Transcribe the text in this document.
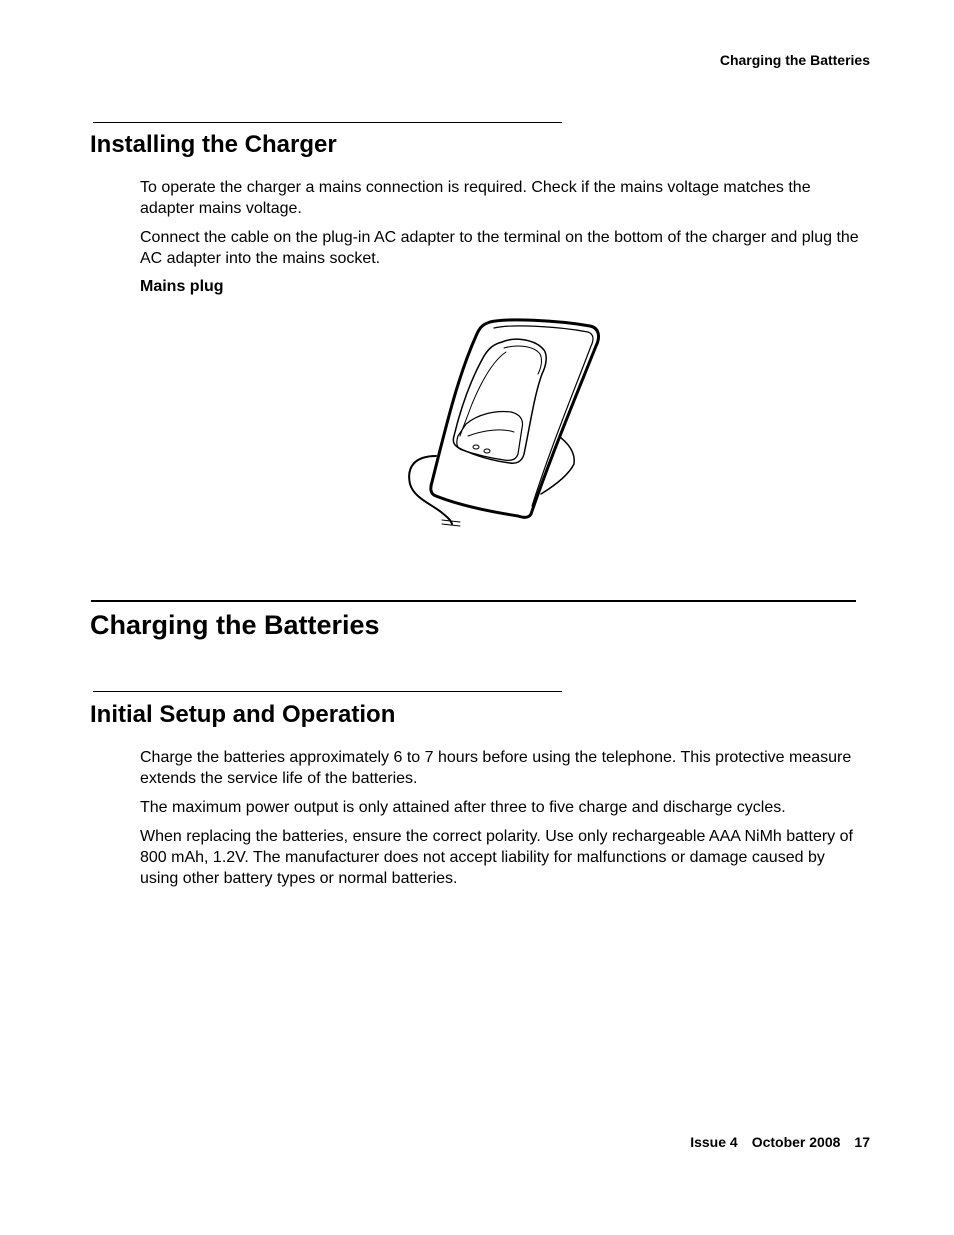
Charging the Batteries
Installing the Charger

To operate the charger a mains connection is required. Check if the mains voltage matches the adapter mains voltage.

Connect the cable on the plug-in AC adapter to the terminal on the bottom of the charger and plug the AC adapter into the mains socket.

Mains plug
Charging the Batteries
Initial Setup and Operation

Charge the batteries approximately 6 to 7 hours before using the telephone. This protective measure extends the service life of the batteries.

The maximum power output is only attained after three to five charge and discharge cycles.

When replacing the batteries, ensure the correct polarity. Use only rechargeable AAA NiMh battery of 800 mAh, 1.2V. The manufacturer does not accept liability for malfunctions or damage caused by using other battery types or normal batteries.

Issue 4 October 2008 17
